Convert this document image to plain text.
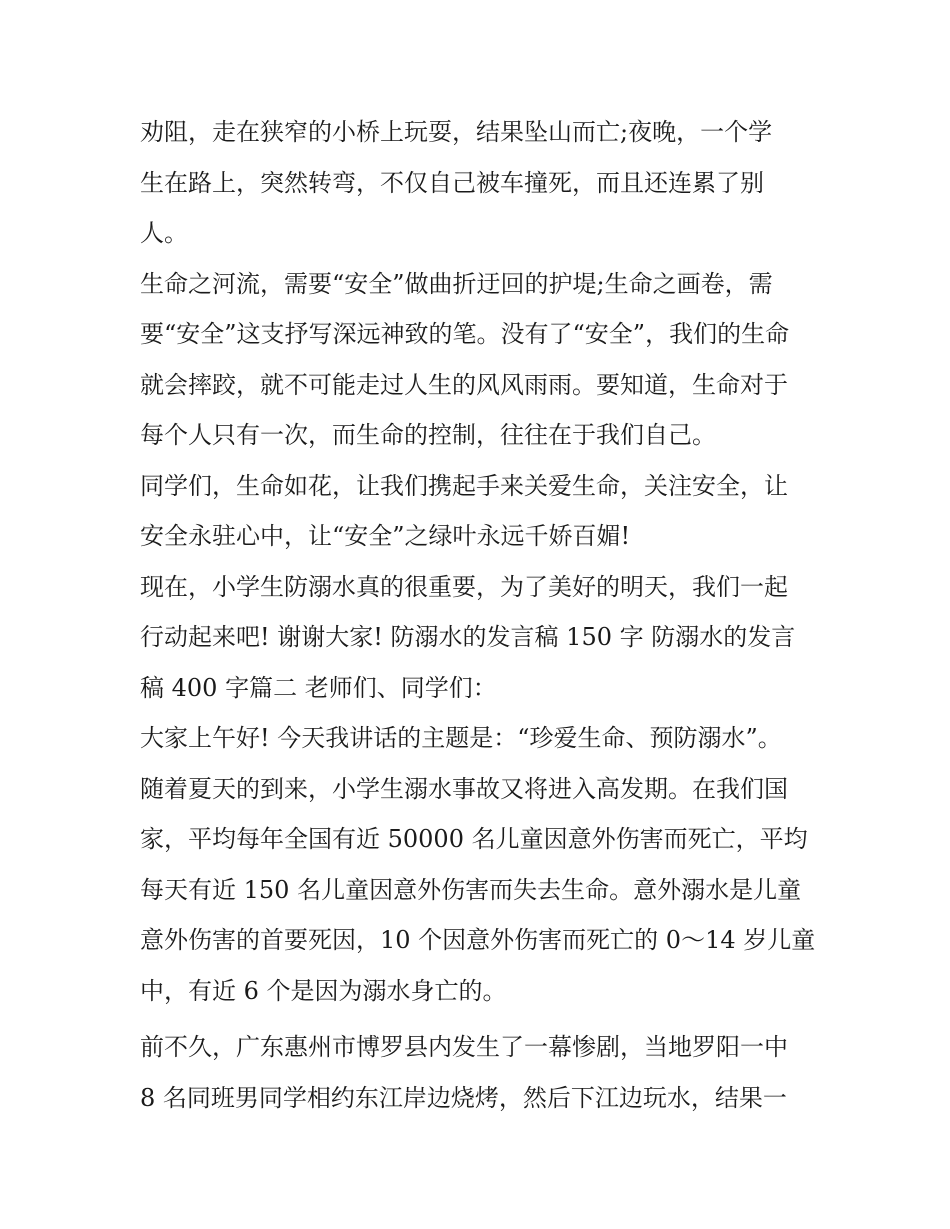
劝阻，走在狭窄的小桥上玩耍，结果坠山而亡;夜晚，一个学
生在路上，突然转弯，不仅自己被车撞死，而且还连累了别
人。
生命之河流，需要“安全”做曲折迂回的护堤;生命之画卷，需
要“安全”这支抒写深远神致的笔。没有了“安全”，我们的生命
就会摔跤，就不可能走过人生的风风雨雨。要知道，生命对于
每个人只有一次，而生命的控制，往往在于我们自己。
同学们，生命如花，让我们携起手来关爱生命，关注安全，让
安全永驻心中，让“安全”之绿叶永远千娇百媚!
现在，小学生防溺水真的很重要，为了美好的明天，我们一起
行动起来吧! 谢谢大家! 防溺水的发言稿 150 字 防溺水的发言
稿 400 字篇二 老师们、同学们：
大家上午好! 今天我讲话的主题是：“珍爱生命、预防溺水”。
随着夏天的到来，小学生溺水事故又将进入高发期。在我们国
家，平均每年全国有近 50000 名儿童因意外伤害而死亡，平均
每天有近 150 名儿童因意外伤害而失去生命。意外溺水是儿童
意外伤害的首要死因，10 个因意外伤害而死亡的 0～14 岁儿童
中，有近 6 个是因为溺水身亡的。
前不久，广东惠州市博罗县内发生了一幕惨剧，当地罗阳一中
8 名同班男同学相约东江岸边烧烤，然后下江边玩水，结果一
